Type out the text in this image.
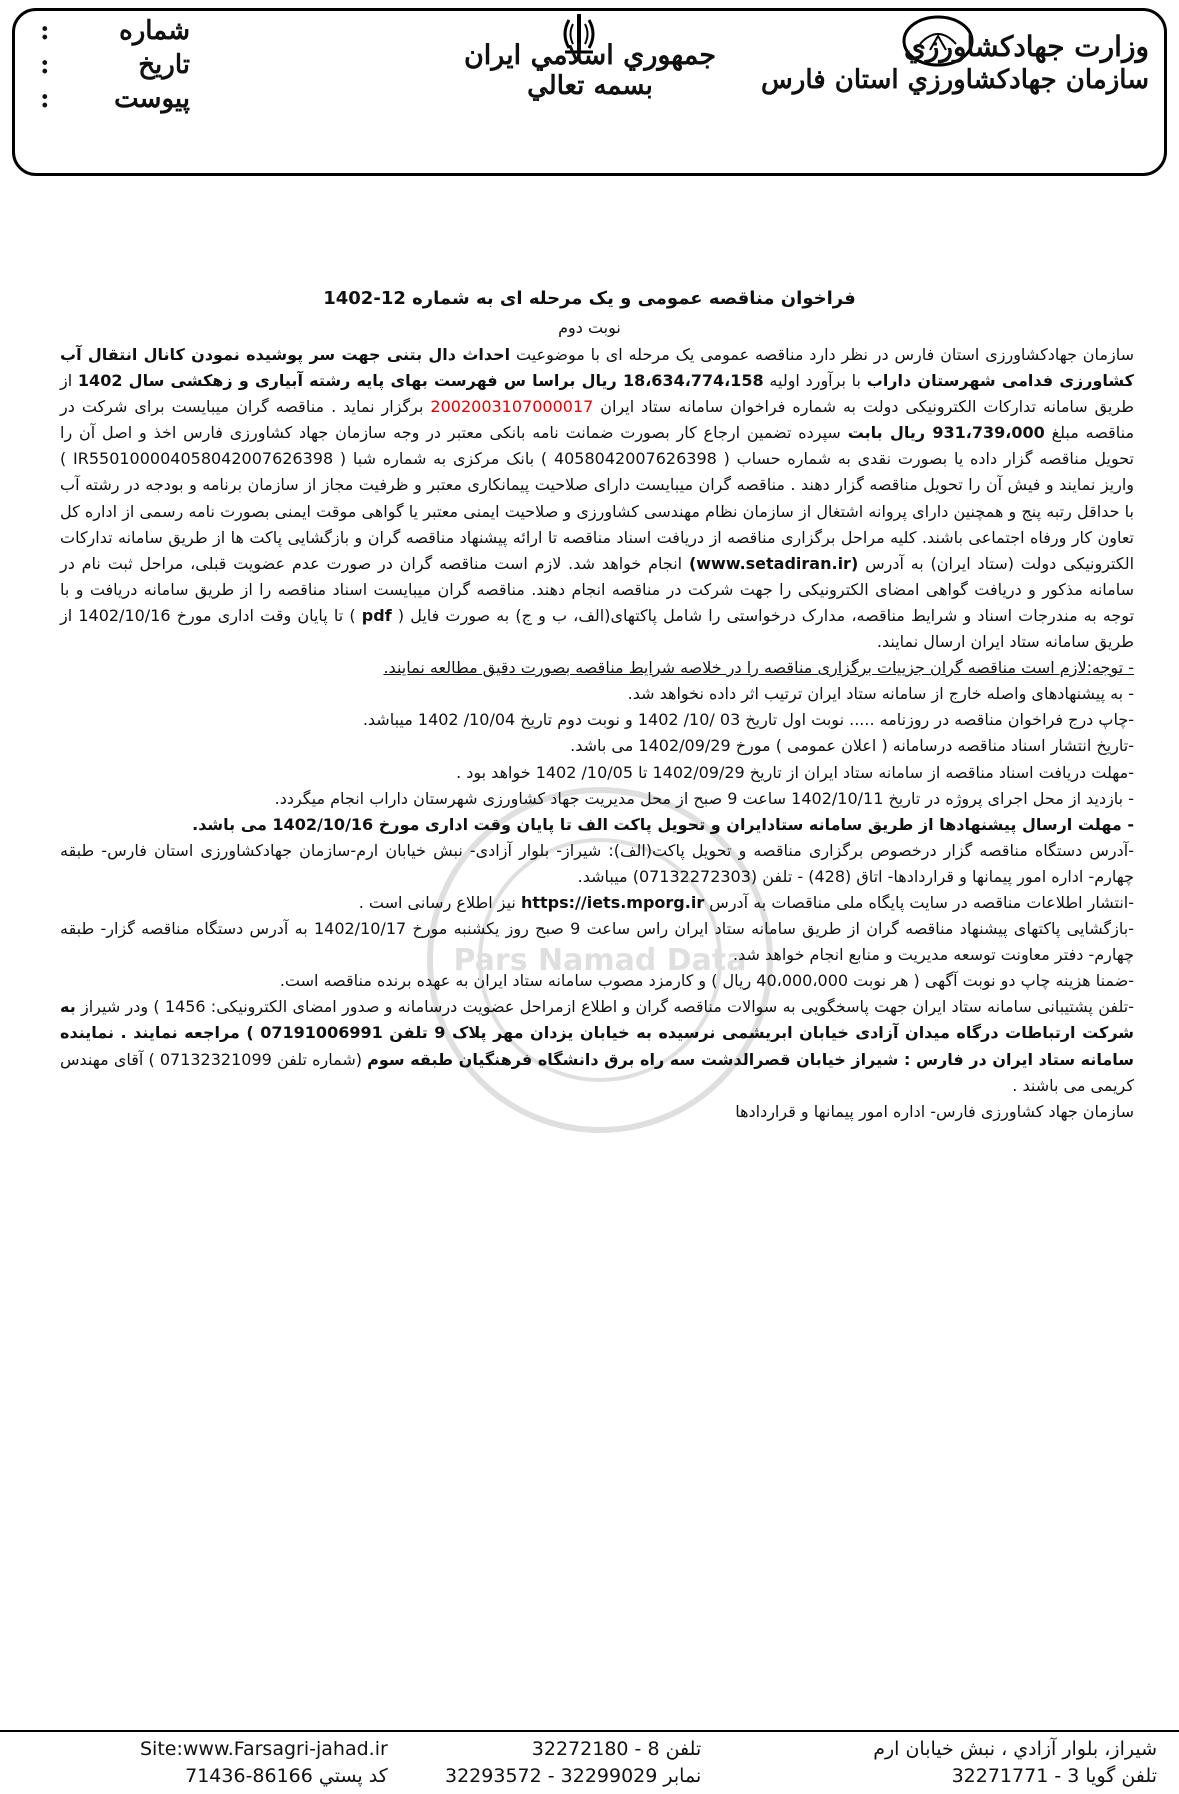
وزارت جهادکشاورزي
سازمان جهادكشاورزي استان فارس
جمهوري اسلامي ايران
بسمه تعالي
شماره
:
تاريخ
:
پيوست
:
Pars Namad Data
فراخوان مناقصه عمومی و یک مرحله ای به شماره 12-1402
نوبت دوم

سازمان جهادکشاورزی استان فارس در نظر دارد مناقصه عمومی یک مرحله ای با موضوعیت احداث دال بتنی جهت سر پوشیده نمودن کانال انتقال آب کشاورزی فدامی شهرستان داراب با برآورد اولیه 18،634،774،158 ریال براسا س فهرست بهای پایه رشته آبیاری و زهکشی سال 1402 از طریق سامانه تدارکات الکترونیکی دولت به شماره فراخوان سامانه ستاد ایران 2002003107000017 برگزار نماید . مناقصه گران میبایست برای شرکت در مناقصه مبلغ 931،739،000 ریال بابت سپرده تضمین ارجاع کار بصورت ضمانت نامه بانکی معتبر در وجه سازمان جهاد کشاورزی فارس اخذ و اصل آن را تحویل مناقصه گزار داده یا بصورت نقدی به شماره حساب ( 4058042007626398 ) بانک مرکزی به شماره شبا ( IR550100004058042007626398 ) واریز نمایند و فیش آن را تحویل مناقصه گزار دهند . مناقصه گران میبایست دارای صلاحیت پیمانکاری معتبر و ظرفیت مجاز از سازمان برنامه و بودجه در رشته آب با حداقل رتبه پنج و همچنین دارای پروانه اشتغال از سازمان نظام مهندسی کشاورزی و صلاحیت ایمنی معتبر یا گواهی موقت ایمنی بصورت نامه رسمی از اداره کل تعاون کار ورفاه اجتماعی باشند. کلیه مراحل برگزاری مناقصه از دریافت اسناد مناقصه تا ارائه پیشنهاد مناقصه گران و بازگشایی پاکت ها از طریق سامانه تدارکات الکترونیکی دولت (ستاد ایران) به آدرس (www.setadiran.ir) انجام خواهد شد. لازم است مناقصه گران در صورت عدم عضویت قبلی، مراحل ثبت نام در سامانه مذکور و دریافت گواهی امضای الکترونیکی را جهت شرکت در مناقصه انجام دهند. مناقصه گران میبایست اسناد مناقصه را از طریق سامانه دریافت و با توجه به مندرجات اسناد و شرایط مناقصه، مدارک درخواستی را شامل پاکتهای(الف، ب و ج) به صورت فایل ( pdf ) تا پایان وقت اداری مورخ 1402/10/16 از طریق سامانه ستاد ایران ارسال نمایند.

- توجه:لازم است مناقصه گران جزییات برگزاری مناقصه را در خلاصه شرایط مناقصه بصورت دقیق مطالعه نمایند.

- به پیشنهادهای واصله خارج از سامانه ستاد ایران ترتیب اثر داده نخواهد شد.

-چاپ درج فراخوان مناقصه در روزنامه ..... نوبت اول تاریخ 03 /10/ 1402 و نوبت دوم تاریخ 10/04/ 1402 میباشد.

-تاریخ انتشار اسناد مناقصه درسامانه ( اعلان عمومی ) مورخ 1402/09/29 می باشد.

-مهلت دریافت اسناد مناقصه از سامانه ستاد ایران از تاریخ 1402/09/29 تا 10/05/ 1402 خواهد بود .

- بازدید از محل اجرای پروژه در تاریخ 1402/10/11 ساعت 9 صبح از محل مدیریت جهاد کشاورزی شهرستان داراب انجام میگردد.

- مهلت ارسال پیشنهادها از طریق سامانه ستادایران و تحویل پاکت الف تا پایان وقت اداری مورخ 1402/10/16 می باشد.

-آدرس دستگاه مناقصه گزار درخصوص برگزاری مناقصه و تحویل پاکت(الف): شیراز- بلوار آزادی- نبش خیابان ارم-سازمان جهادکشاورزی استان فارس- طبقه چهارم- اداره امور پیمانها و قراردادها- اتاق (428) - تلفن (07132272303) میباشد.

-انتشار اطلاعات مناقصه در سایت پایگاه ملی مناقصات به آدرس https://iets.mporg.ir نیز اطلاع رسانی است .

-بازگشایی پاکتهای پیشنهاد مناقصه گران از طریق سامانه ستاد ایران راس ساعت 9 صبح روز یکشنبه مورخ 1402/10/17 به آدرس دستگاه مناقصه گزار- طبقه چهارم- دفتر معاونت توسعه مدیریت و منابع انجام خواهد شد.

-ضمنا هزینه چاپ دو نوبت آگهی ( هر نوبت 40،000،000 ریال ) و کارمزد مصوب سامانه ستاد ایران به عهده برنده مناقصه است.

-تلفن پشتیبانی سامانه ستاد ایران جهت پاسخگویی به سوالات مناقصه گران و اطلاع ازمراحل عضویت درسامانه و صدور امضای الکترونیکی: 1456 ) ودر شیراز به شرکت ارتباطات درگاه میدان آزادی خیابان ابریشمی نرسیده به خیابان یزدان مهر پلاک 9 تلفن 07191006991 ) مراجعه نمایند . نماینده سامانه ستاد ایران در فارس : شیراز خیابان قصرالدشت سه راه برق دانشگاه فرهنگیان طبقه سوم (شماره تلفن 07132321099 ) آقای مهندس کریمی می باشند .

سازمان جهاد کشاورزی فارس- اداره امور پیمانها و قراردادها

شيراز، بلوار آزادي ، نبش خيابان ارم
تلفن گويا 3 - 32271771
تلفن 8 - 32272180
نمابر 32299029 - 32293572
Site:www.Farsagri-jahad.ir
كد پستي 86166-71436
